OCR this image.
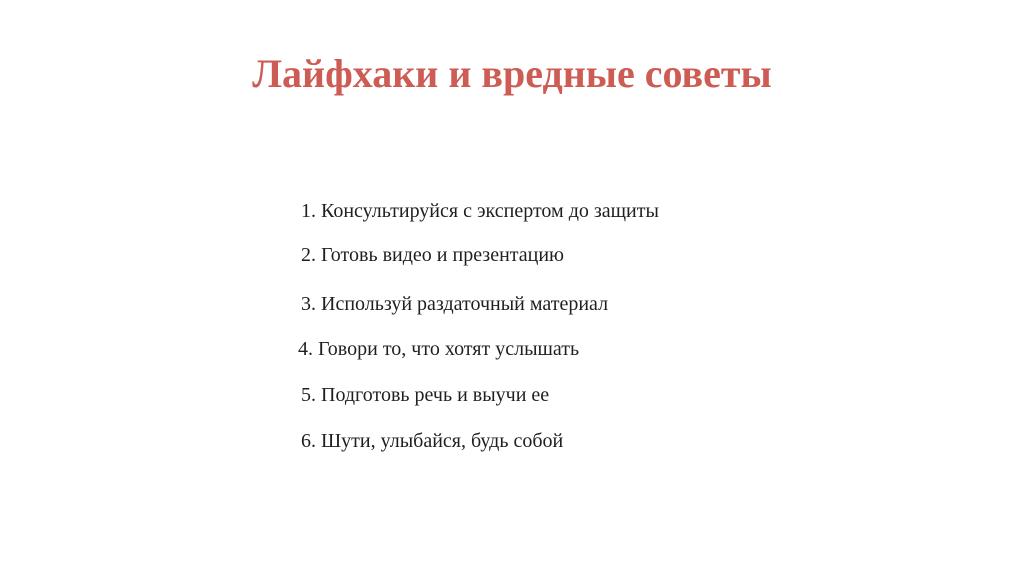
Лайфхаки и вредные советы
1. Консультируйся с экспертом до защиты
2. Готовь видео и презентацию
3. Используй раздаточный материал
4. Говори то, что хотят услышать
5. Подготовь речь и выучи ее
6. Шути, улыбайся, будь собой
